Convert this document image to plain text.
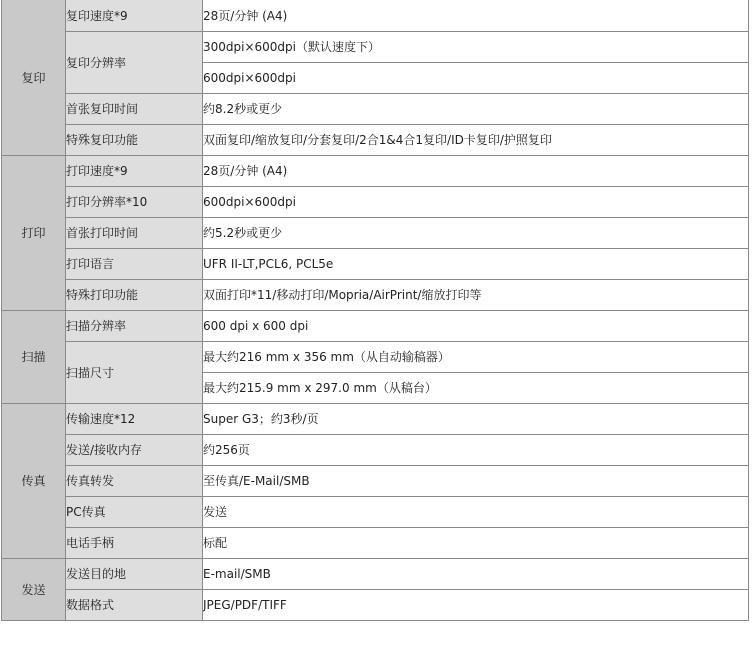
复印	复印速度*9	28页/分钟 (A4)
	复印分辨率	300dpi×600dpi（默认速度下）
		600dpi×600dpi
	首张复印时间	约8.2秒或更少
	特殊复印功能	双面复印/缩放复印/分套复印/2合1&4合1复印/ID卡复印/护照复印
打印	打印速度*9	28页/分钟 (A4)
	打印分辨率*10	600dpi×600dpi
	首张打印时间	约5.2秒或更少
	打印语言	UFR II-LT,PCL6, PCL5e
	特殊打印功能	双面打印*11/移动打印/Mopria/AirPrint/缩放打印等
扫描	扫描分辨率	600 dpi x 600 dpi
	扫描尺寸	最大约216 mm x 356 mm（从自动输稿器）
		最大约215.9 mm x 297.0 mm（从稿台）
传真	传输速度*12	Super G3；约3秒/页
	发送/接收内存	约256页
	传真转发	至传真/E-Mail/SMB
	PC传真	发送
	电话手柄	标配
发送	发送目的地	E-mail/SMB
	数据格式	JPEG/PDF/TIFF
